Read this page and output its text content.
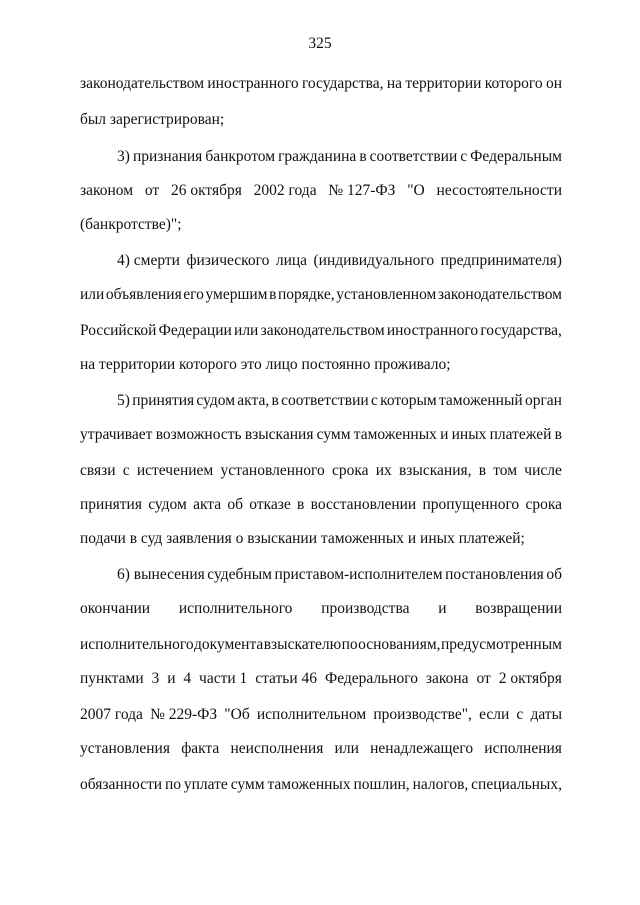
325
законодательством иностранного государства, на территории которого он
был зарегистрирован;
3) признания банкротом гражданина в соответствии с Федеральным
законом от 26 октября 2002 года № 127-ФЗ "О несостоятельности
(банкротстве)";
4) смерти физического лица (индивидуального предпринимателя)
или объявления его умершим в порядке, установленном законодательством
Российской Федерации или законодательством иностранного государства,
на территории которого это лицо постоянно проживало;
5) принятия судом акта, в соответствии с которым таможенный орган
утрачивает возможность взыскания сумм таможенных и иных платежей в
связи с истечением установленного срока их взыскания, в том числе
принятия судом акта об отказе в восстановлении пропущенного срока
подачи в суд заявления о взыскании таможенных и иных платежей;
6) вынесения судебным приставом-исполнителем постановления об
окончании исполнительного производства и возвращении
исполнительного документа взыскателю по основаниям, предусмотренным
пунктами 3 и 4 части 1 статьи 46 Федерального закона от 2 октября
2007 года № 229-ФЗ "Об исполнительном производстве", если с даты
установления факта неисполнения или ненадлежащего исполнения
обязанности по уплате сумм таможенных пошлин, налогов, специальных,
